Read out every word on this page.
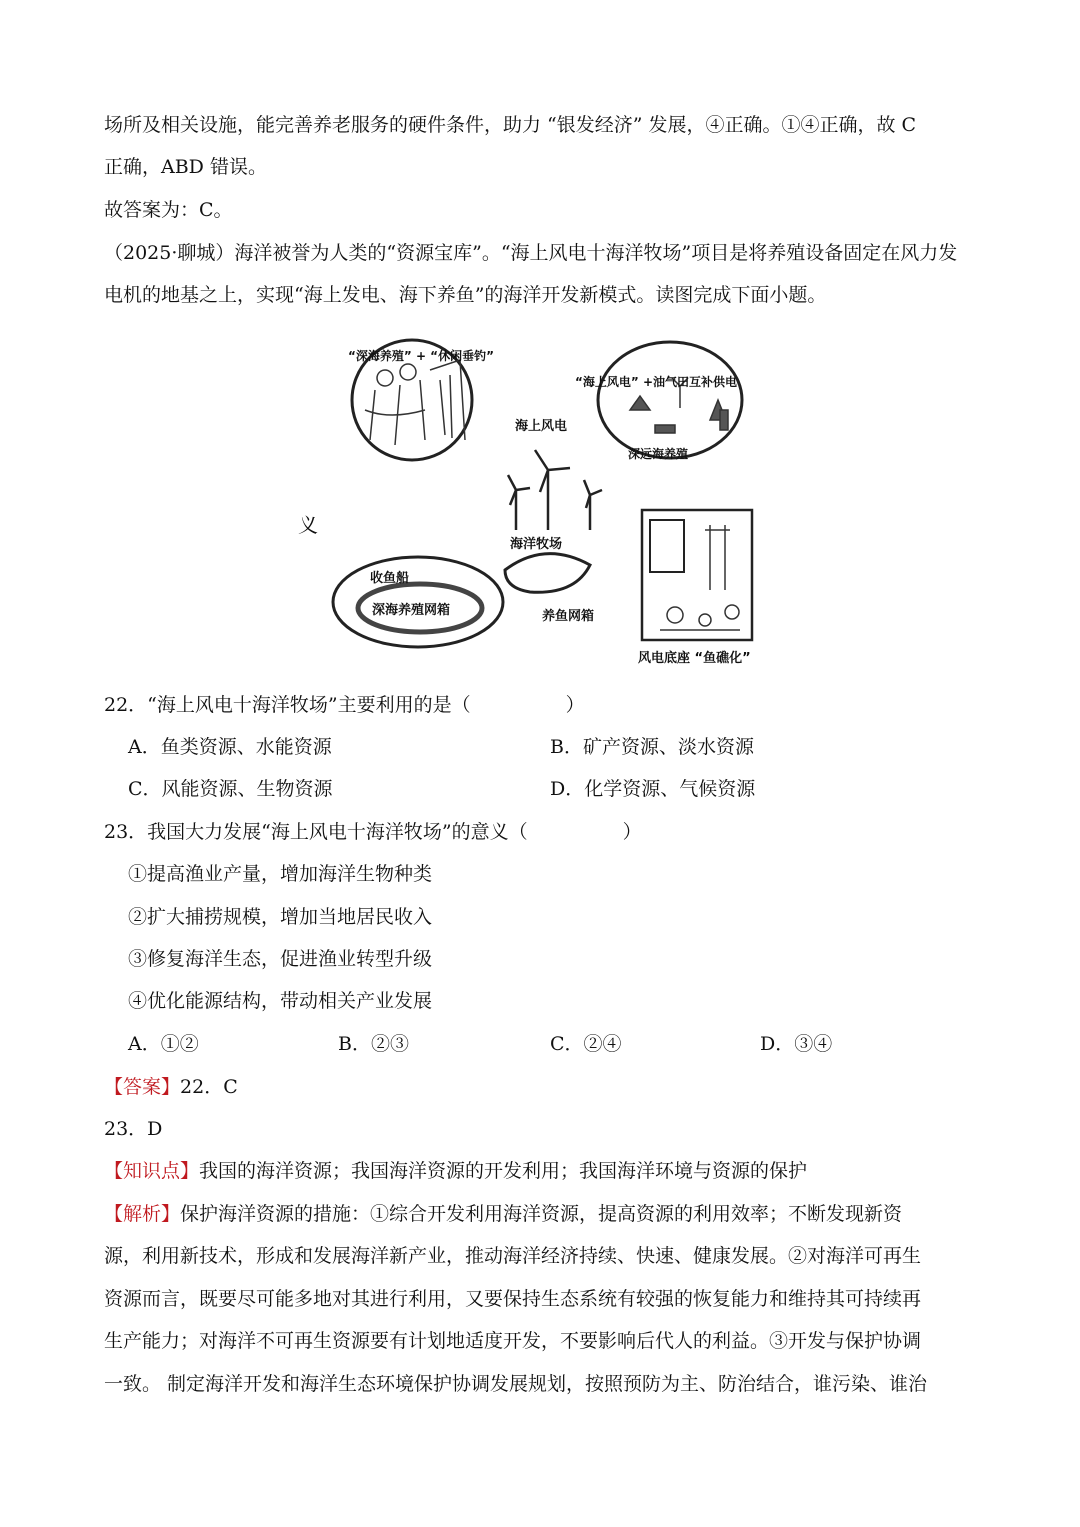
场所及相关设施，能完善养老服务的硬件条件，助力 “银发经济” 发展，④正确。①④正确，故 C
正确，ABD 错误。
故答案为：C。
（2025·聊城）海洋被誉为人类的“资源宝库”。“海上风电十海洋牧场”项目是将养殖设备固定在风力发
电机的地基之上，实现“海上发电、海下养鱼”的海洋开发新模式。读图完成下面小题。
义
“深海养殖” + “休闲垂钓”
“海上风电” +油气田互补供电
深远海养殖
海上风电
海洋牧场
养鱼网箱
收鱼船
深海养殖网箱
风电底座 “鱼礁化”
22．“海上风电十海洋牧场”主要利用的是（　　　　　）
A．鱼类资源、水能资源	B．矿产资源、淡水资源
C．风能资源、生物资源	D．化学资源、气候资源
23．我国大力发展“海上风电十海洋牧场”的意义（　　　　　）
①提高渔业产量，增加海洋生物种类
②扩大捕捞规模，增加当地居民收入
③修复海洋生态，促进渔业转型升级
④优化能源结构，带动相关产业发展
A．①②	B．②③	C．②④	D．③④
【答案】22．C
23．D
【知识点】我国的海洋资源；我国海洋资源的开发利用；我国海洋环境与资源的保护
【解析】保护海洋资源的措施：①综合开发利用海洋资源，提高资源的利用效率；不断发现新资
源，利用新技术，形成和发展海洋新产业，推动海洋经济持续、快速、健康发展。②对海洋可再生
资源而言，既要尽可能多地对其进行利用，又要保持生态系统有较强的恢复能力和维持其可持续再
生产能力；对海洋不可再生资源要有计划地适度开发，不要影响后代人的利益。③开发与保护协调
一致。 制定海洋开发和海洋生态环境保护协调发展规划，按照预防为主、防治结合，谁污染、谁治
